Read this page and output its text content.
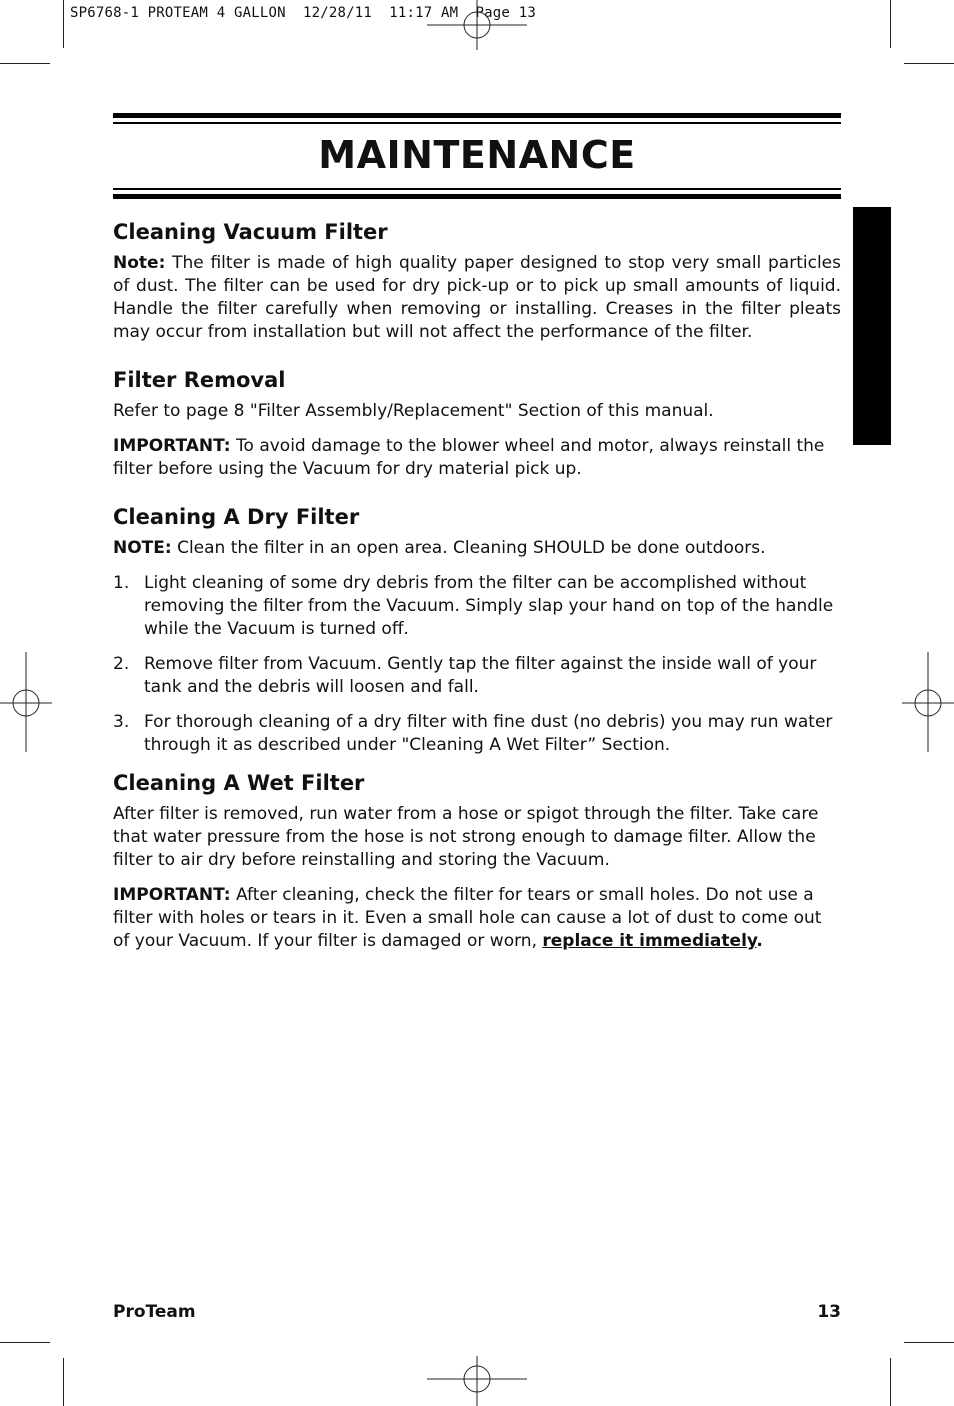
SP6768-1 PROTEAM 4 GALLON  12/28/11  11:17 AM  Page 13
MAINTENANCE
Cleaning Vacuum Filter

Note: The filter is made of high quality paper designed to stop very small particles of dust. The filter can be used for dry pick-up or to pick up small amounts of liquid. Handle the filter carefully when removing or installing. Creases in the filter pleats may occur from installation but will not affect the performance of the filter.

Filter Removal

Refer to page 8 "Filter Assembly/Replacement" Section of this manual.

IMPORTANT: To avoid damage to the blower wheel and motor, always reinstall the filter before using the Vacuum for dry material pick up.

Cleaning A Dry Filter

NOTE: Clean the filter in an open area. Cleaning SHOULD be done outdoors.

1. Light cleaning of some dry debris from the filter can be accomplished without removing the filter from the Vacuum. Simply slap your hand on top of the handle while the Vacuum is turned off.
2. Remove filter from Vacuum. Gently tap the filter against the inside wall of your tank and the debris will loosen and fall.
3. For thorough cleaning of a dry filter with fine dust (no debris) you may run water through it as described under "Cleaning A Wet Filter” Section.
Cleaning A Wet Filter

After filter is removed, run water from a hose or spigot through the filter. Take care that water pressure from the hose is not strong enough to damage filter. Allow the filter to air dry before reinstalling and storing the Vacuum.

IMPORTANT: After cleaning, check the filter for tears or small holes. Do not use a filter with holes or tears in it. Even a small hole can cause a lot of dust to come out of your Vacuum. If your filter is damaged or worn, replace it immediately.

ProTeam	13
